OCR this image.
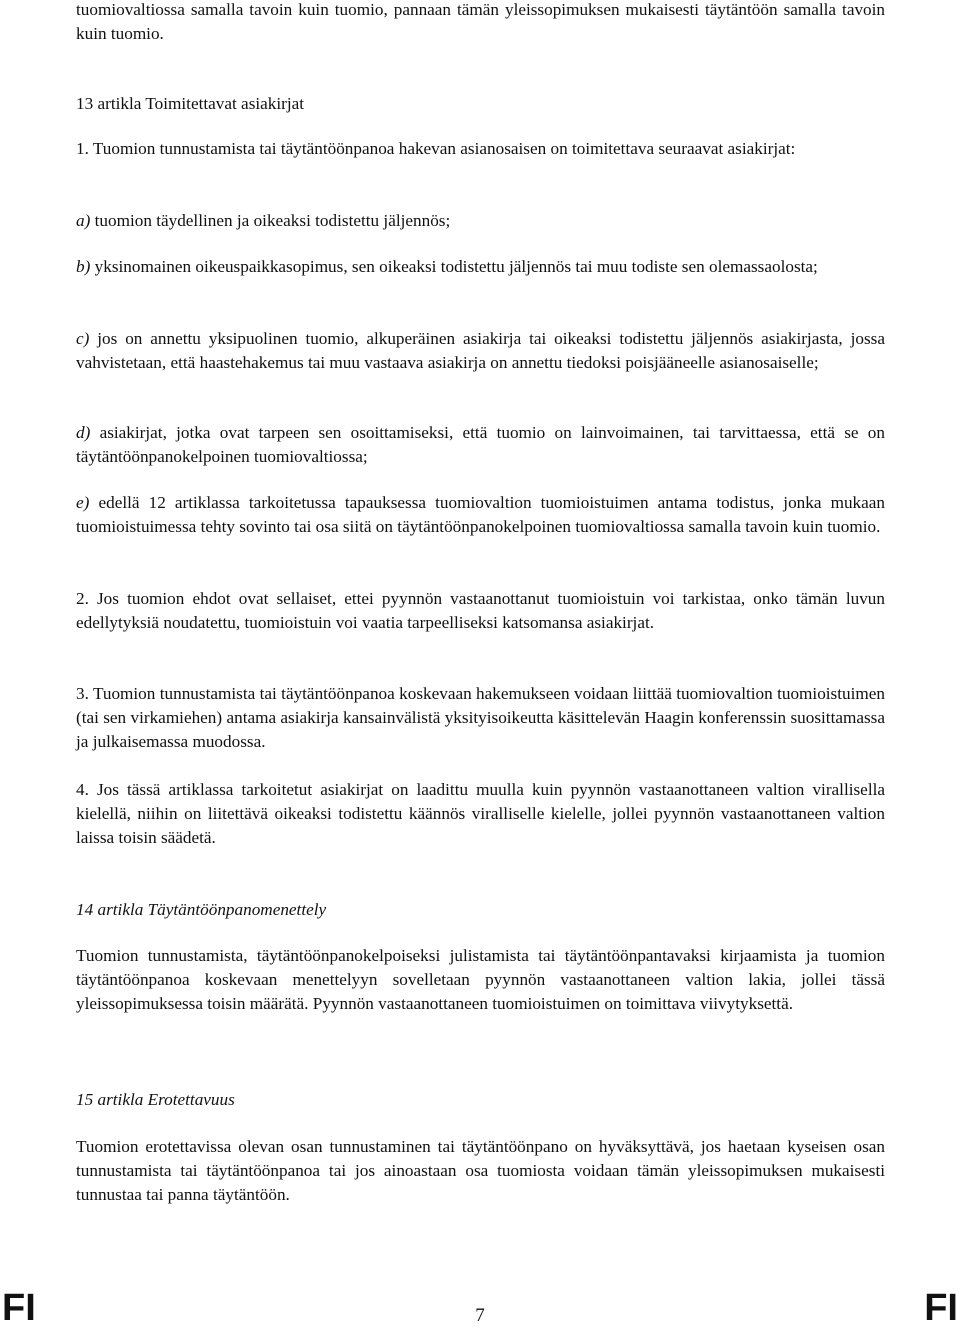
tuomiovaltiossa samalla tavoin kuin tuomio, pannaan tämän yleissopimuksen mukaisesti täytäntöön samalla tavoin kuin tuomio.

13 artikla Toimitettavat asiakirjat

1. Tuomion tunnustamista tai täytäntöönpanoa hakevan asianosaisen on toimitettava seuraavat asiakirjat:

a) tuomion täydellinen ja oikeaksi todistettu jäljennös;

b) yksinomainen oikeuspaikkasopimus, sen oikeaksi todistettu jäljennös tai muu todiste sen olemassaolosta;

c) jos on annettu yksipuolinen tuomio, alkuperäinen asiakirja tai oikeaksi todistettu jäljennös asiakirjasta, jossa vahvistetaan, että haastehakemus tai muu vastaava asiakirja on annettu tiedoksi poisjääneelle asianosaiselle;

d) asiakirjat, jotka ovat tarpeen sen osoittamiseksi, että tuomio on lainvoimainen, tai tarvittaessa, että se on täytäntöönpanokelpoinen tuomiovaltiossa;

e) edellä 12 artiklassa tarkoitetussa tapauksessa tuomiovaltion tuomioistuimen antama todistus, jonka mukaan tuomioistuimessa tehty sovinto tai osa siitä on täytäntöönpanokelpoinen tuomiovaltiossa samalla tavoin kuin tuomio.

2. Jos tuomion ehdot ovat sellaiset, ettei pyynnön vastaanottanut tuomioistuin voi tarkistaa, onko tämän luvun edellytyksiä noudatettu, tuomioistuin voi vaatia tarpeelliseksi katsomansa asiakirjat.

3. Tuomion tunnustamista tai täytäntöönpanoa koskevaan hakemukseen voidaan liittää tuomiovaltion tuomioistuimen (tai sen virkamiehen) antama asiakirja kansainvälistä yksityisoikeutta käsittelevän Haagin konferenssin suosittamassa ja julkaisemassa muodossa.

4. Jos tässä artiklassa tarkoitetut asiakirjat on laadittu muulla kuin pyynnön vastaanottaneen valtion virallisella kielellä, niihin on liitettävä oikeaksi todistettu käännös viralliselle kielelle, jollei pyynnön vastaanottaneen valtion laissa toisin säädetä.

14 artikla Täytäntöönpanomenettely

Tuomion tunnustamista, täytäntöönpanokelpoiseksi julistamista tai täytäntöönpantavaksi kirjaamista ja tuomion täytäntöönpanoa koskevaan menettelyyn sovelletaan pyynnön vastaanottaneen valtion lakia, jollei tässä yleissopimuksessa toisin määrätä. Pyynnön vastaanottaneen tuomioistuimen on toimittava viivytyksettä.

15 artikla Erotettavuus

Tuomion erotettavissa olevan osan tunnustaminen tai täytäntöönpano on hyväksyttävä, jos haetaan kyseisen osan tunnustamista tai täytäntöönpanoa tai jos ainoastaan osa tuomiosta voidaan tämän yleissopimuksen mukaisesti tunnustaa tai panna täytäntöön.

FI	7	FI
